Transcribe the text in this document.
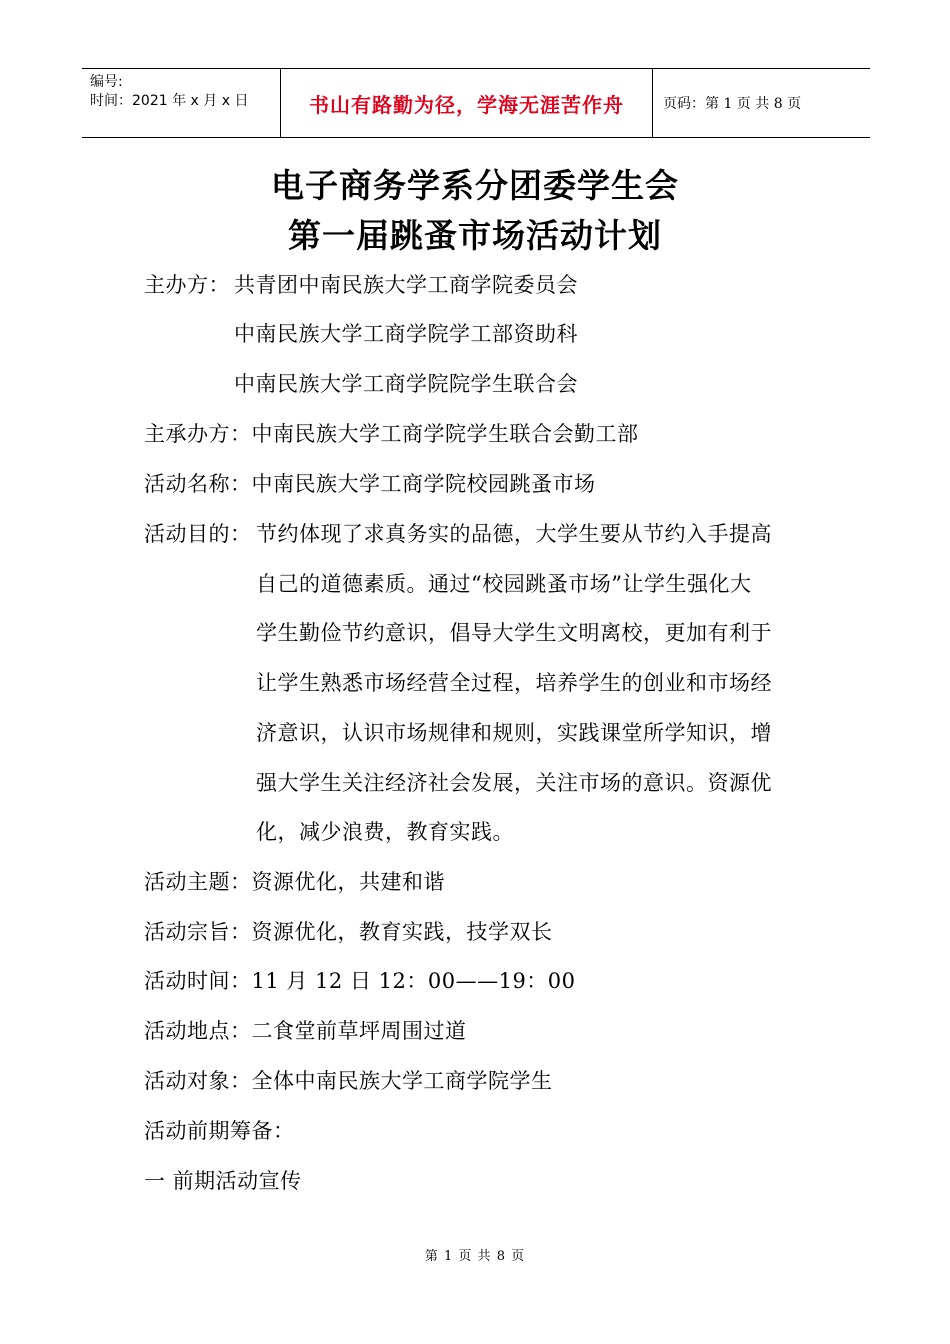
编号:
时间：2021 年 x 月 x 日	书山有路勤为径，学海无涯苦作舟	页码：第 1 页 共 8 页
电子商务学系分团委学生会
第一届跳蚤市场活动计划
主办方： 共青团中南民族大学工商学院委员会
中南民族大学工商学院学工部资助科
中南民族大学工商学院院学生联合会
主承办方：中南民族大学工商学院学生联合会勤工部
活动名称：中南民族大学工商学院校园跳蚤市场
活动目的： 节约体现了求真务实的品德，大学生要从节约入手提高
自己的道德素质。通过“校园跳蚤市场”让学生强化大
学生勤俭节约意识，倡导大学生文明离校，更加有利于
让学生熟悉市场经营全过程，培养学生的创业和市场经
济意识，认识市场规律和规则，实践课堂所学知识，增
强大学生关注经济社会发展，关注市场的意识。资源优
化，减少浪费，教育实践。
活动主题：资源优化，共建和谐
活动宗旨：资源优化，教育实践，技学双长
活动时间：11 月 12 日 12：00——19：00
活动地点：二食堂前草坪周围过道
活动对象：全体中南民族大学工商学院学生
活动前期筹备：
一 前期活动宣传
第 1 页 共 8 页
